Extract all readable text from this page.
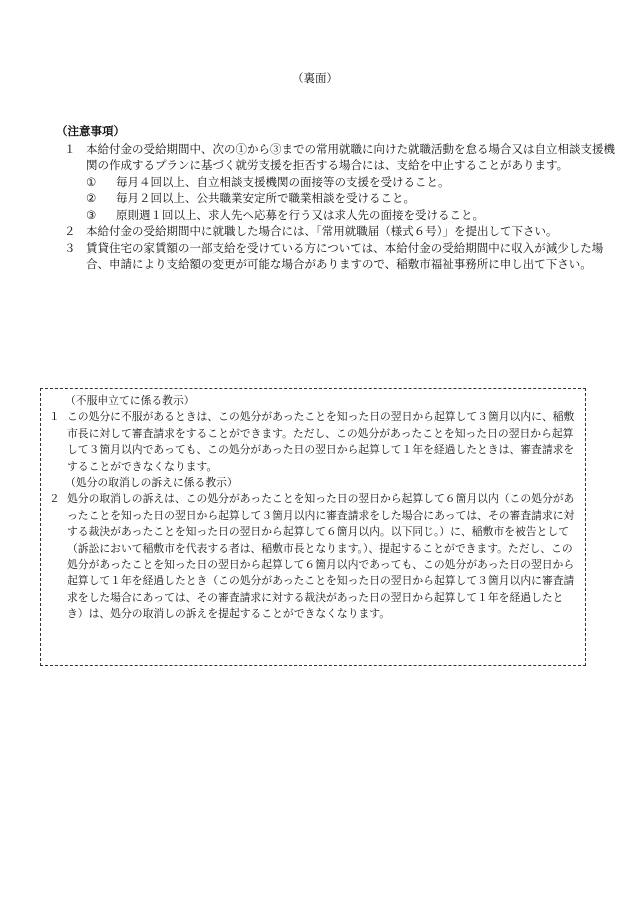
（裏面）
（注意事項）
１ 本給付金の受給期間中、次の①から③までの常用就職に向けた就職活動を怠る場合又は自立相談支援機関の作成するプランに基づく就労支援を拒否する場合には、支給を中止することがあります。
①	毎月４回以上、自立相談支援機関の面接等の支援を受けること。
②	毎月２回以上、公共職業安定所で職業相談を受けること。
③	原則週１回以上、求人先へ応募を行う又は求人先の面接を受けること。
２ 本給付金の受給期間中に就職した場合には、「常用就職届（様式６号）」を提出して下さい。
３ 賃貸住宅の家賃額の一部支給を受けている方については、本給付金の受給期間中に収入が減少した場合、申請により支給額の変更が可能な場合がありますので、稲敷市福祉事務所に申し出て下さい。
（不服申立てに係る教示）
１ この処分に不服があるときは、この処分があったことを知った日の翌日から起算して３箇月以内に、稲敷市長に対して審査請求をすることができます。ただし、この処分があったことを知った日の翌日から起算して３箇月以内であっても、この処分があった日の翌日から起算して１年を経過したときは、審査請求をすることができなくなります。
（処分の取消しの訴えに係る教示）
２ 処分の取消しの訴えは、この処分があったことを知った日の翌日から起算して６箇月以内（この処分があったことを知った日の翌日から起算して３箇月以内に審査請求をした場合にあっては、その審査請求に対する裁決があったことを知った日の翌日から起算して６箇月以内。以下同じ。）に、稲敷市を被告として（訴訟において稲敷市を代表する者は、稲敷市長となります。）、提起することができます。ただし、この処分があったことを知った日の翌日から起算して６箇月以内であっても、この処分があった日の翌日から起算して１年を経過したとき（この処分があったことを知った日の翌日から起算して３箇月以内に審査請求をした場合にあっては、その審査請求に対する裁決があった日の翌日から起算して１年を経過したとき）は、処分の取消しの訴えを提起することができなくなります。
